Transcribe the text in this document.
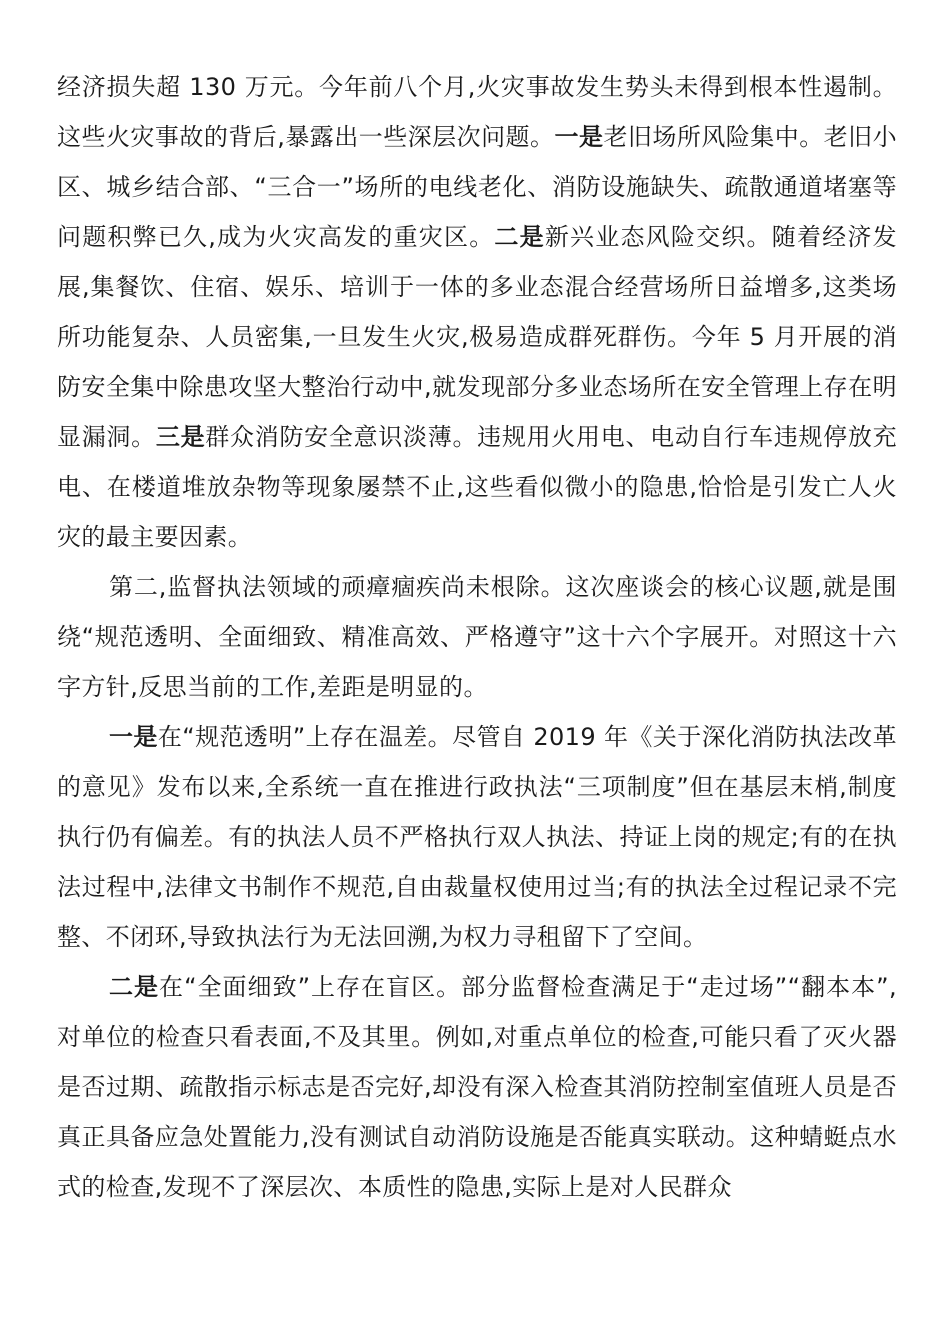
经济损失超 130 万元。今年前八个月,火灾事故发生势头未得到根本性遏制。这些火灾事故的背后,暴露出一些深层次问题。一是老旧场所风险集中。老旧小区、城乡结合部、“三合一”场所的电线老化、消防设施缺失、疏散通道堵塞等问题积弊已久,成为火灾高发的重灾区。二是新兴业态风险交织。随着经济发展,集餐饮、住宿、娱乐、培训于一体的多业态混合经营场所日益增多,这类场所功能复杂、人员密集,一旦发生火灾,极易造成群死群伤。今年 5 月开展的消防安全集中除患攻坚大整治行动中,就发现部分多业态场所在安全管理上存在明显漏洞。三是群众消防安全意识淡薄。违规用火用电、电动自行车违规停放充电、在楼道堆放杂物等现象屡禁不止,这些看似微小的隐患,恰恰是引发亡人火灾的最主要因素。

第二,监督执法领域的顽瘴痼疾尚未根除。这次座谈会的核心议题,就是围绕“规范透明、全面细致、精准高效、严格遵守”这十六个字展开。对照这十六字方针,反思当前的工作,差距是明显的。

一是在“规范透明”上存在温差。尽管自 2019 年《关于深化消防执法改革的意见》发布以来,全系统一直在推进行政执法“三项制度”但在基层末梢,制度执行仍有偏差。有的执法人员不严格执行双人执法、持证上岗的规定;有的在执法过程中,法律文书制作不规范,自由裁量权使用过当;有的执法全过程记录不完整、不闭环,导致执法行为无法回溯,为权力寻租留下了空间。

二是在“全面细致”上存在盲区。部分监督检查满足于“走过场”“翻本本”,对单位的检查只看表面,不及其里。例如,对重点单位的检查,可能只看了灭火器是否过期、疏散指示标志是否完好,却没有深入检查其消防控制室值班人员是否真正具备应急处置能力,没有测试自动消防设施是否能真实联动。这种蜻蜓点水式的检查,发现不了深层次、本质性的隐患,实际上是对人民群众
